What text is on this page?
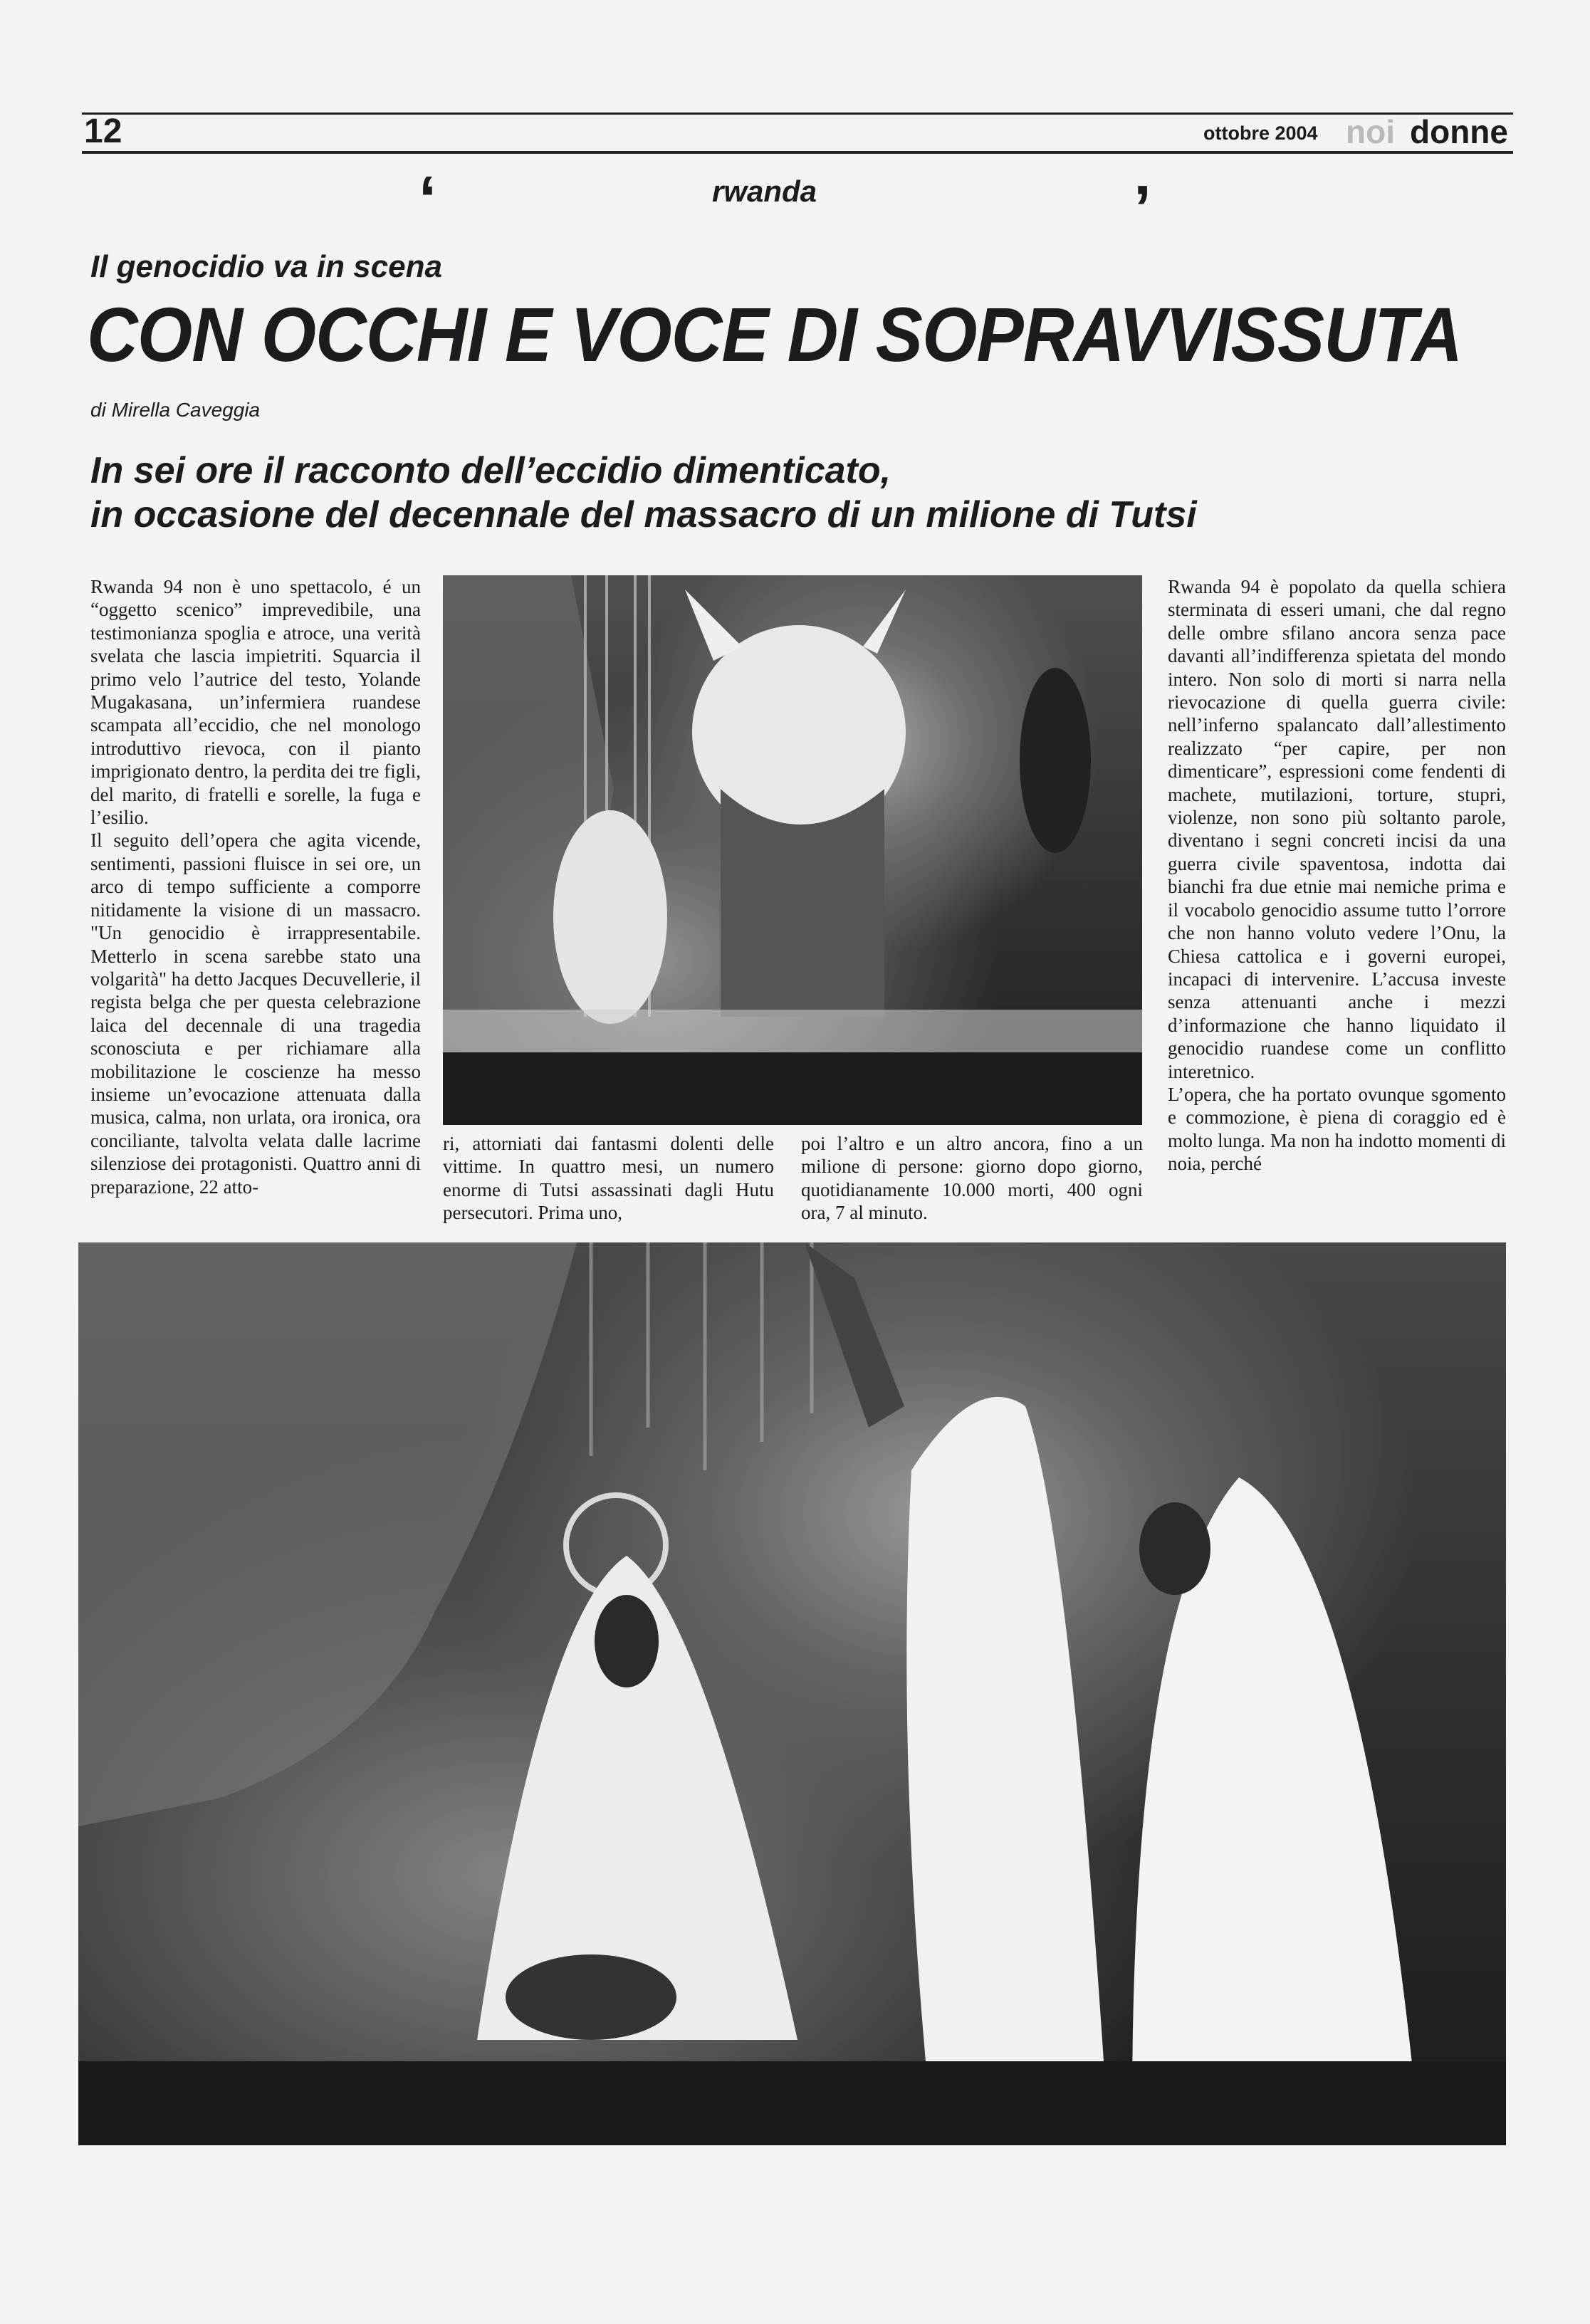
12	ottobre 2004 noi donne
‘	rwanda	’
Il genocidio va in scena
CON OCCHI E VOCE DI SOPRAVVISSUTA
di Mirella Caveggia
In sei ore il racconto dell’eccidio dimenticato,
in occasione del decennale del massacro di un milione di Tutsi

Rwanda 94 non è uno spettacolo, é un “oggetto scenico” imprevedibile, una testimonianza spoglia e atroce, una verità svelata che lascia impietriti. Squarcia il primo velo l’autrice del testo, Yolande Mugakasana, un’infermiera ruandese scampata all’eccidio, che nel monologo introduttivo rievoca, con il pianto imprigionato dentro, la perdita dei tre figli, del marito, di fratelli e sorelle, la fuga e l’esilio.

Il seguito dell’opera che agita vicende, sentimenti, passioni fluisce in sei ore, un arco di tempo sufficiente a comporre nitidamente la visione di un massacro. "Un genocidio è irrappresentabile. Metterlo in scena sarebbe stato una volgarità" ha detto Jacques Decuvellerie, il regista belga che per questa celebrazione laica del decennale di una tragedia sconosciuta e per richiamare alla mobilitazione le coscienze ha messo insieme un’evocazione attenuata dalla musica, calma, non urlata, ora ironica, ora conciliante, talvolta velata dalle lacrime silenziose dei protagonisti. Quattro anni di preparazione, 22 atto-

ri, attorniati dai fantasmi dolenti delle vittime. In quattro mesi, un numero enorme di Tutsi assassinati dagli Hutu persecutori. Prima uno,

poi l’altro e un altro ancora, fino a un milione di persone: giorno dopo giorno, quotidianamente 10.000 morti, 400 ogni ora, 7 al minuto.

Rwanda 94 è popolato da quella schiera sterminata di esseri umani, che dal regno delle ombre sfilano ancora senza pace davanti all’indifferenza spietata del mondo intero. Non solo di morti si narra nella rievocazione di quella guerra civile: nell’inferno spalancato dall’allestimento realizzato “per capire, per non dimenticare”, espressioni come fendenti di machete, mutilazioni, torture, stupri, violenze, non sono più soltanto parole, diventano i segni concreti incisi da una guerra civile spaventosa, indotta dai bianchi fra due etnie mai nemiche prima e il vocabolo genocidio assume tutto l’orrore che non hanno voluto vedere l’Onu, la Chiesa cattolica e i governi europei, incapaci di intervenire. L’accusa investe senza attenuanti anche i mezzi d’informazione che hanno liquidato il genocidio ruandese come un conflitto interetnico.

L’opera, che ha portato ovunque sgomento e commozione, è piena di coraggio ed è molto lunga. Ma non ha indotto momenti di noia, perché
